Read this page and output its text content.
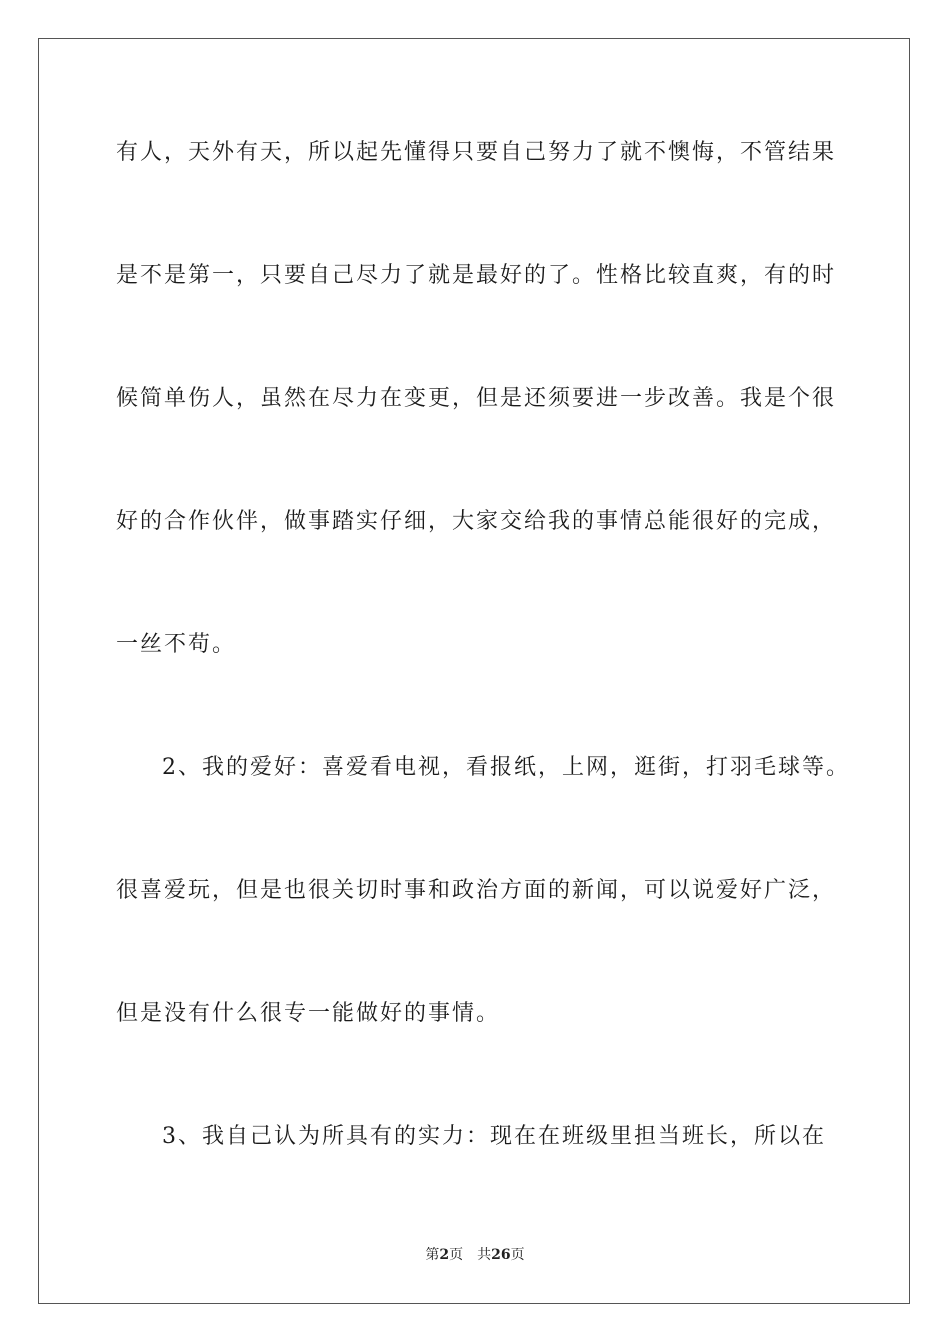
有人，天外有天，所以起先懂得只要自己努力了就不懊悔，不管结果
是不是第一，只要自己尽力了就是最好的了。性格比较直爽，有的时
候简单伤人，虽然在尽力在变更，但是还须要进一步改善。我是个很
好的合作伙伴，做事踏实仔细，大家交给我的事情总能很好的完成，
一丝不苟。
2、我的爱好：喜爱看电视，看报纸，上网，逛街，打羽毛球等。
很喜爱玩，但是也很关切时事和政治方面的新闻，可以说爱好广泛，
但是没有什么很专一能做好的事情。
3、我自己认为所具有的实力：现在在班级里担当班长，所以在
第2页 共26页
